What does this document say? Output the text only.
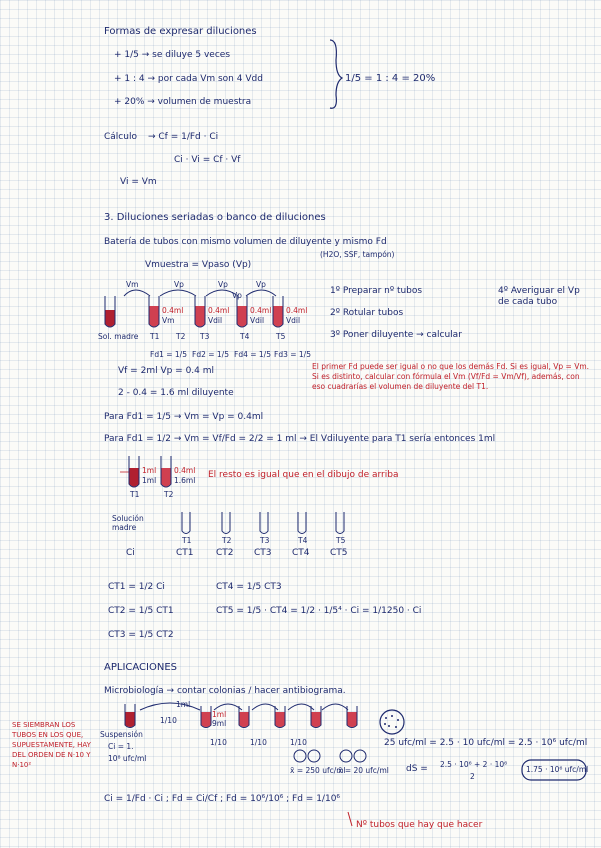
Formas de expresar diluciones
+ 1/5 → se diluye 5 veces
+ 1 : 4 → por cada Vm son 4 Vdd
+ 20% → volumen de muestra
1/5 = 1 : 4 = 20%
Cálculo → Cf = 1/Fd · Ci
Ci · Vi = Cf · Vf
Vi = Vm
3. Diluciones seriadas o banco de diluciones
Batería de tubos con mismo volumen de diluyente y mismo Fd
(H2O, SSF, tampón)
Vmuestra = Vpaso (Vp)
Vm	Vp	Vp	Vp
Vp
0.4ml
Vm
0.4ml
Vdil
0.4ml
Vdil
0.4ml
Vdil
Sol. madre T1 T2 T3	T4	T5
Fd1 = 1/5 Fd2 = 1/5 Fd4 = 1/5 Fd3 = 1/5
1º Preparar nº tubos
2º Rotular tubos
3º Poner diluyente → calcular
4º Averiguar el Vp de cada tubo
Vf = 2ml Vp = 0.4 ml
2 - 0.4 = 1.6 ml diluyente
El primer Fd puede ser igual o no que los demás Fd. Si es igual, Vp = Vm. Si es distinto, calcular con fórmula el Vm (Vf/Fd = Vm/Vf), además, con eso cuadrarías el volumen de diluyente del T1.
Para Fd1 = 1/5 → Vm = Vp = 0.4ml
Para Fd1 = 1/2 → Vm = Vf/Fd = 2/2 = 1 ml → El Vdiluyente para T1 sería entonces 1ml
1ml
1ml
0.4ml
1.6ml
T1	T2
El resto es igual que en el dibujo de arriba
Solución madre
Ci
T1	T2	T3	T4	T5
CT1 CT2 CT3 CT4 CT5
CT1 = 1/2 Ci
CT2 = 1/5 CT1
CT3 = 1/5 CT2
CT4 = 1/5 CT3
CT5 = 1/5 · CT4 = 1/2 · 1/5⁴ · Ci = 1/1250 · Ci
APLICACIONES
Microbiología → contar colonias / hacer antibiograma.
SE SIEMBRAN LOS TUBOS EN LOS QUE, SUPUESTAMENTE, HAY DEL ORDEN DE N·10 Y N·10²
Suspensión
Ci = 1.
10⁸ ufc/ml
1/10
1ml
1ml
9ml
1/10	1/10	1/10
x̄ = 250 ufc/ml
x̄ = 20 ufc/ml
25 ufc/ml = 2.5 · 10 ufc/ml = 2.5 · 10⁶ ufc/ml
dS = 2.5 · 10⁶ + 2 · 10⁶
2
1.75 · 10⁶ ufc/ml
Ci = 1/Fd · Ci ; Fd = Ci/Cf ; Fd = 10⁶/10⁶ ; Fd = 1/10⁶
Nº tubos que hay que hacer
